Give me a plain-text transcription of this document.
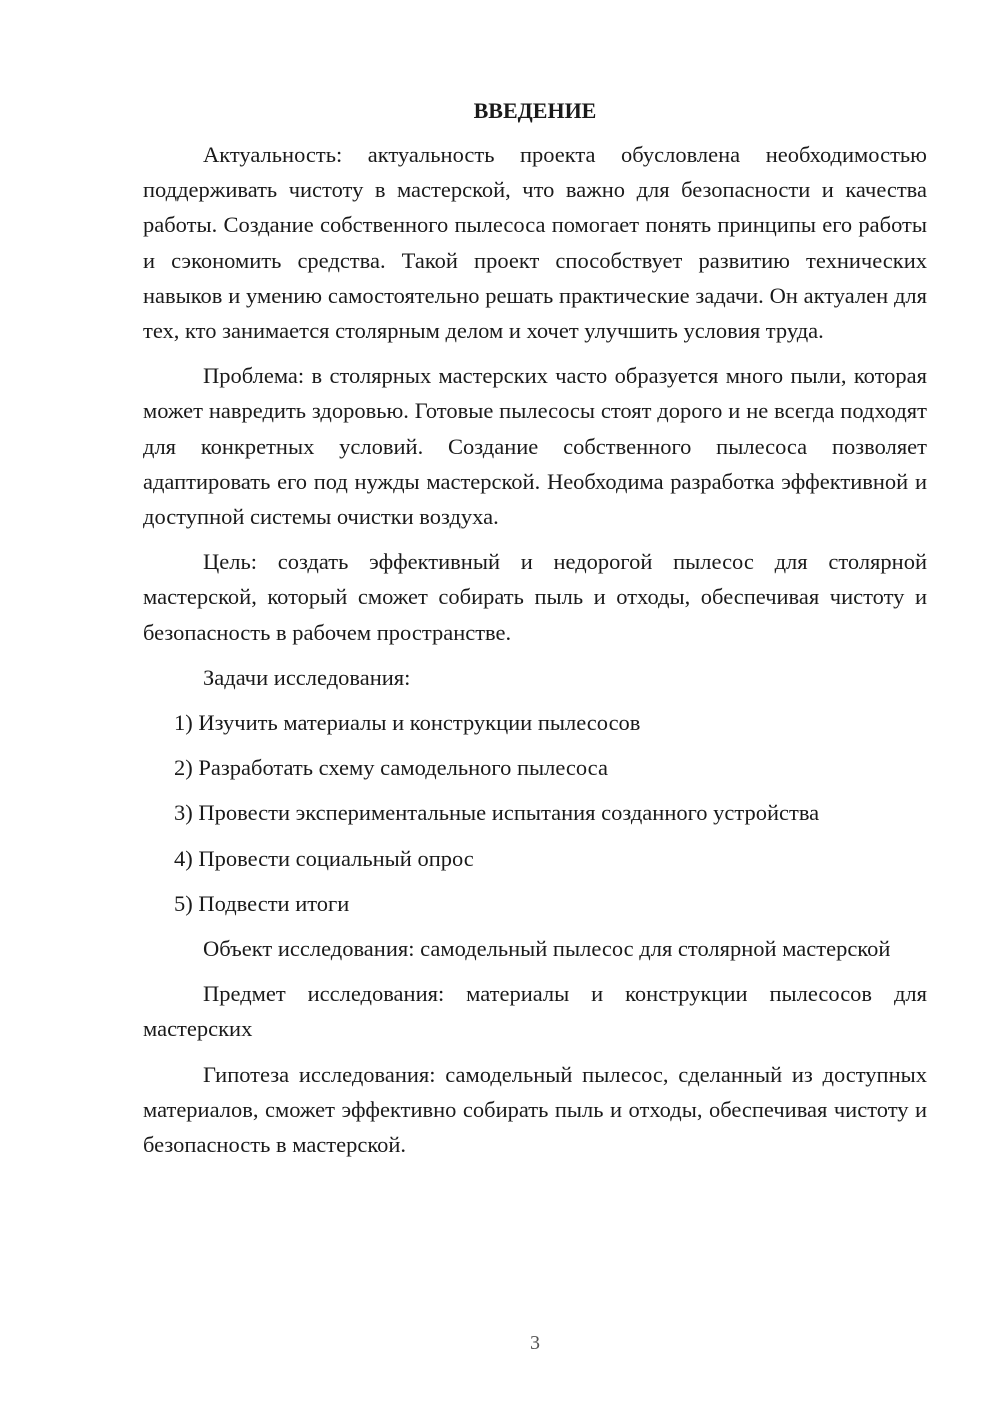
ВВЕДЕНИЕ

Актуальность: актуальность проекта обусловлена необходимостью поддерживать чистоту в мастерской, что важно для безопасности и качества работы. Создание собственного пылесоса помогает понять принципы его работы и сэкономить средства. Такой проект способствует развитию технических навыков и умению самостоятельно решать практические задачи. Он актуален для тех, кто занимается столярным делом и хочет улучшить условия труда.

Проблема: в столярных мастерских часто образуется много пыли, которая может навредить здоровью. Готовые пылесосы стоят дорого и не всегда подходят для конкретных условий. Создание собственного пылесоса позволяет адаптировать его под нужды мастерской. Необходима разработка эффективной и доступной системы очистки воздуха.

Цель: создать эффективный и недорогой пылесос для столярной мастерской, который сможет собирать пыль и отходы, обеспечивая чистоту и безопасность в рабочем пространстве.

Задачи исследования:

1) Изучить материалы и конструкции пылесосов
2) Разработать схему самодельного пылесоса
3) Провести экспериментальные испытания созданного устройства
4) Провести социальный опрос
5) Подвести итоги

Объект исследования: самодельный пылесос для столярной мастерской

Предмет исследования: материалы и конструкции пылесосов для мастерских

Гипотеза исследования: самодельный пылесос, сделанный из доступных материалов, сможет эффективно собирать пыль и отходы, обеспечивая чистоту и безопасность в мастерской.

3
